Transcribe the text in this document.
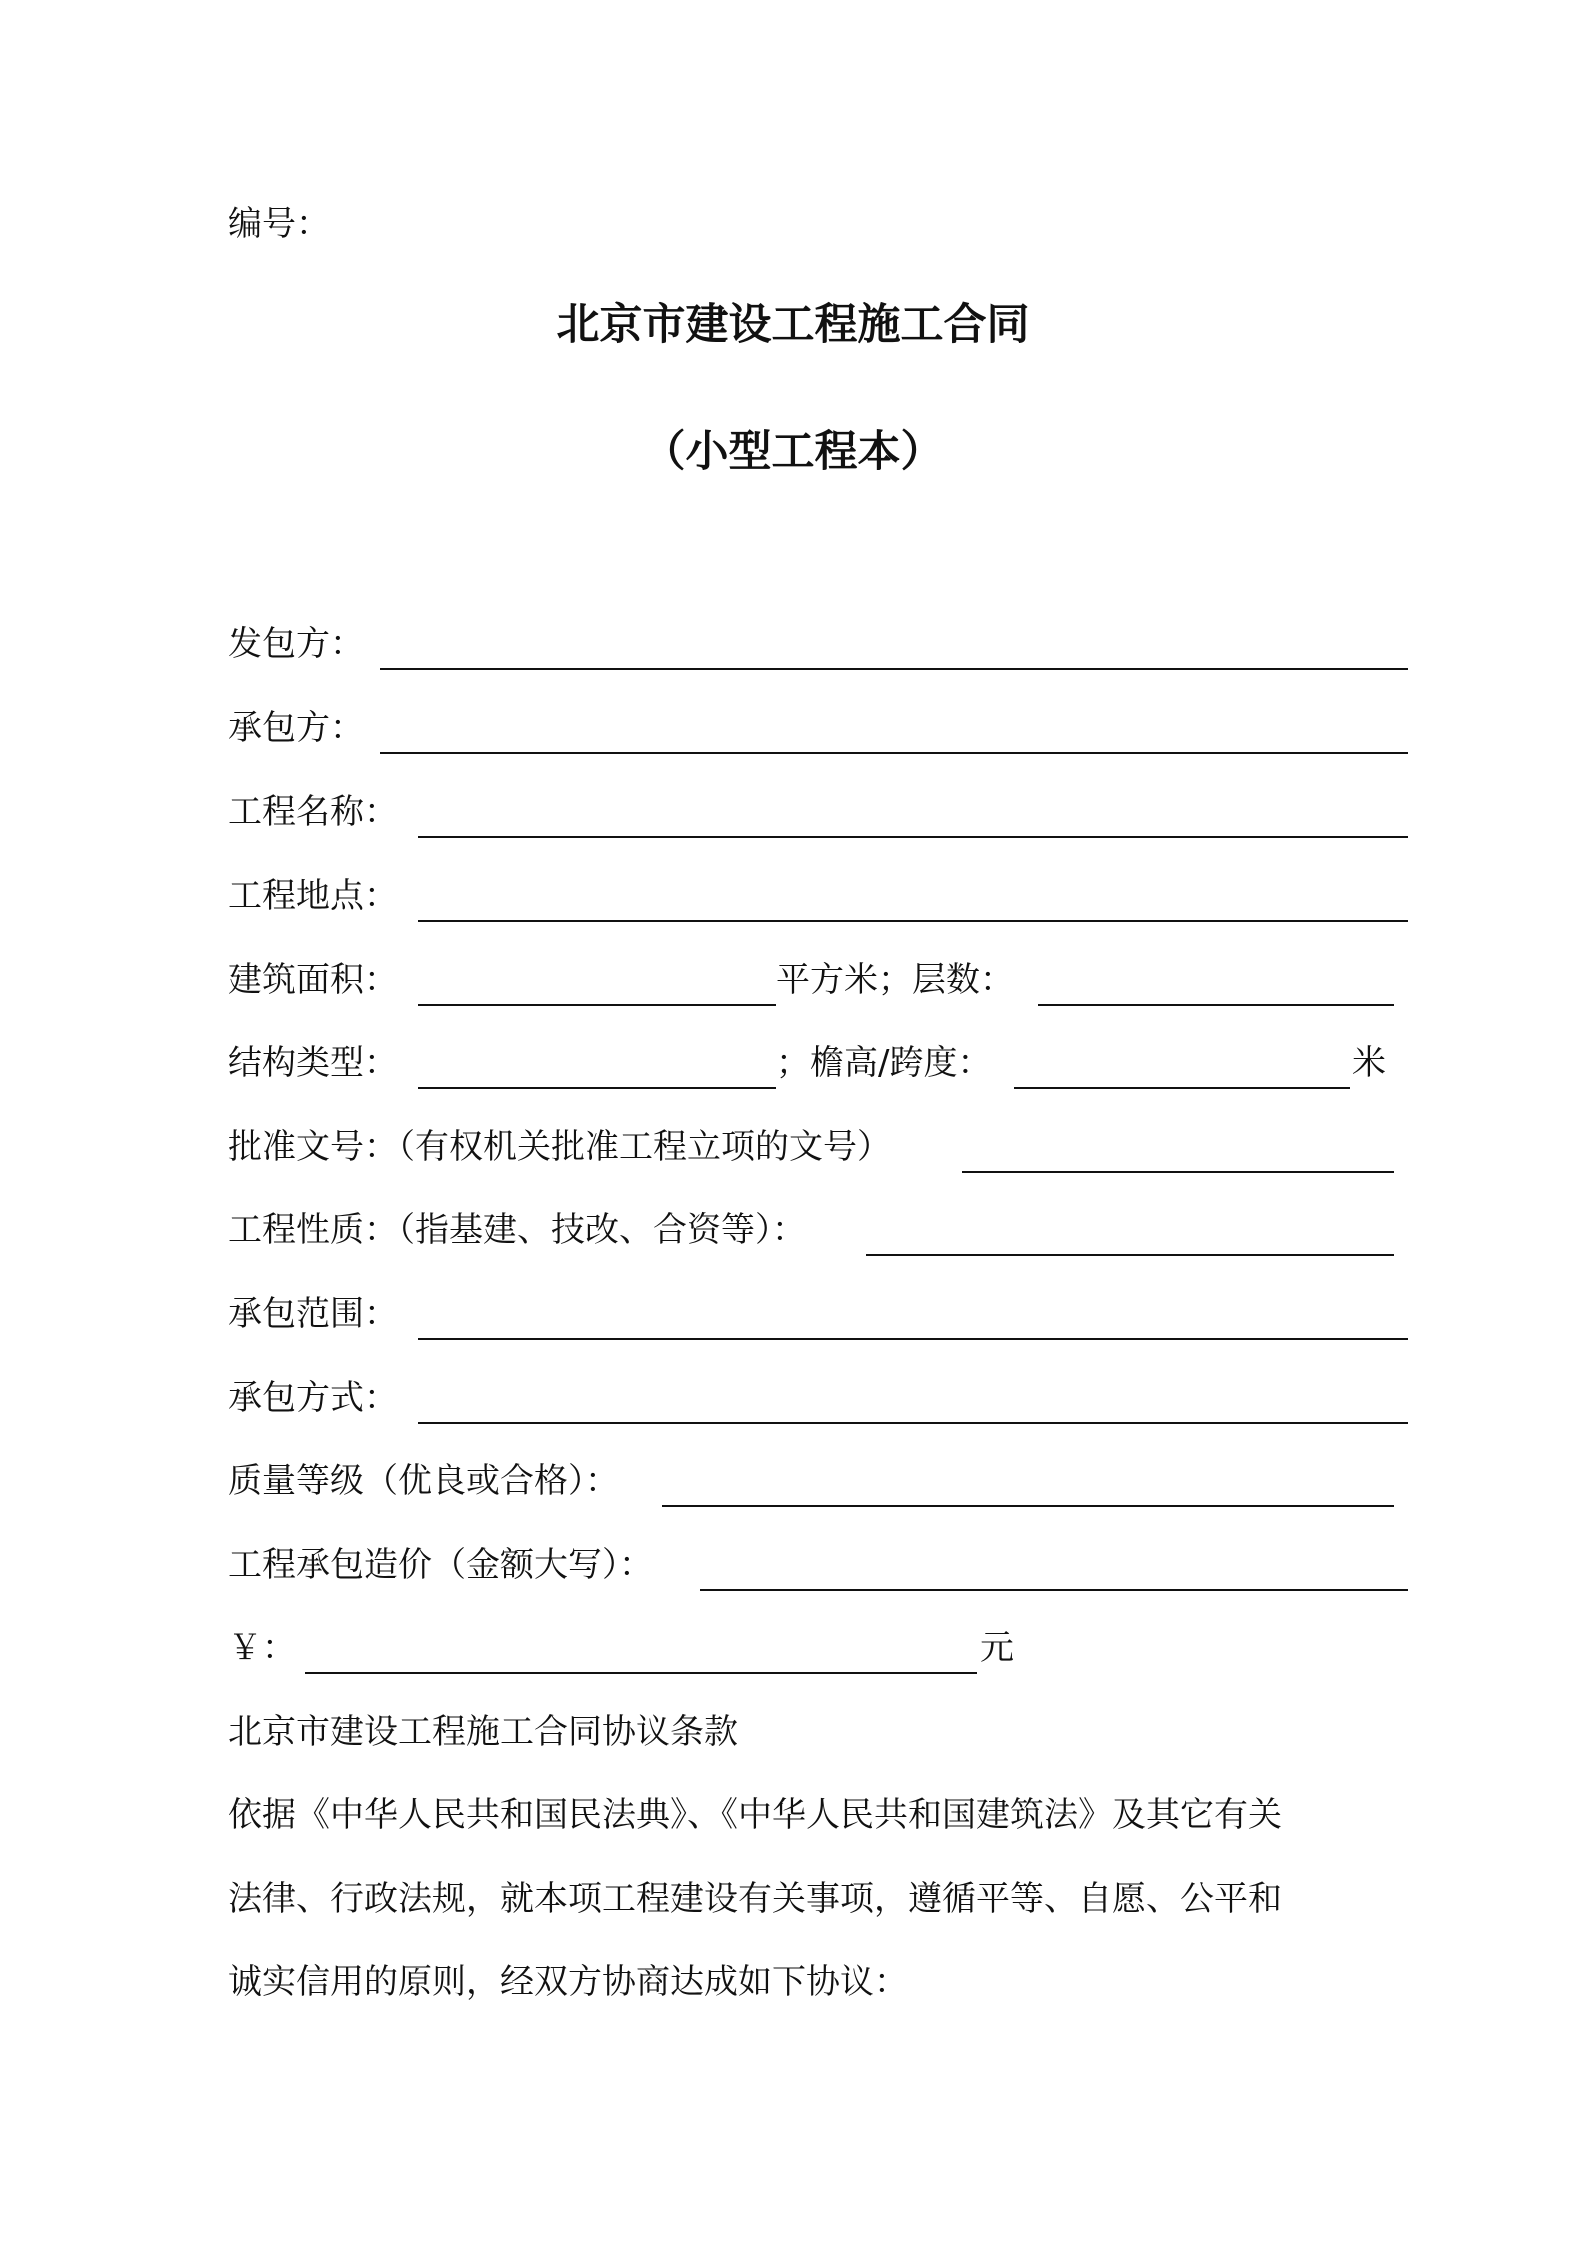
编号：
北京市建设工程施工合同
（小型工程本）
发包方：
承包方：
工程名称：
工程地点：
建筑面积：	平方米；层数：
结构类型：	；檐高/跨度：	米
批准文号：（有权机关批准工程立项的文号）
工程性质：（指基建、技改、合资等）：
承包范围：
承包方式：
质量等级（优良或合格）：
工程承包造价（金额大写）：
￥：	元
北京市建设工程施工合同协议条款
依据《中华人民共和国民法典》、《中华人民共和国建筑法》及其它有关
法律、行政法规，就本项工程建设有关事项，遵循平等、自愿、公平和
诚实信用的原则，经双方协商达成如下协议：
